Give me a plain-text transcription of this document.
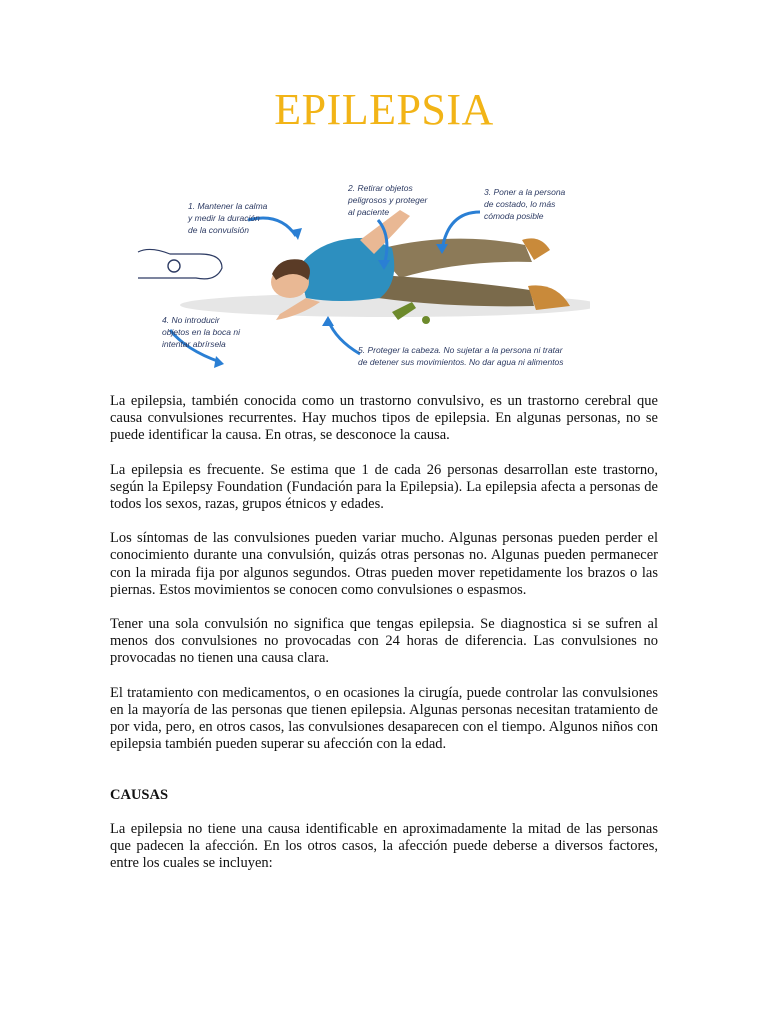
EPILEPSIA
1. Mantener la calma
y medir la duración
de la convulsión
2. Retirar objetos
peligrosos y proteger
al paciente
3. Poner a la persona
de costado, lo más
cómoda posible
4. No introducir
objetos en la boca ni
intentar abrírsela
5. Proteger la cabeza. No sujetar a la persona ni tratar
de detener sus movimientos. No dar agua ni alimentos

La epilepsia, también conocida como un trastorno convulsivo, es un trastorno cerebral que causa convulsiones recurrentes. Hay muchos tipos de epilepsia. En algunas personas, no se puede identificar la causa. En otras, se desconoce la causa.

La epilepsia es frecuente. Se estima que 1 de cada 26 personas desarrollan este trastorno, según la Epilepsy Foundation (Fundación para la Epilepsia). La epilepsia afecta a personas de todos los sexos, razas, grupos étnicos y edades.

Los síntomas de las convulsiones pueden variar mucho. Algunas personas pueden perder el conocimiento durante una convulsión, quizás otras personas no. Algunas pueden permanecer con la mirada fija por algunos segundos. Otras pueden mover repetidamente los brazos o las piernas. Estos movimientos se conocen como convulsiones o espasmos.

Tener una sola convulsión no significa que tengas epilepsia. Se diagnostica si se sufren al menos dos convulsiones no provocadas con 24 horas de diferencia. Las convulsiones no provocadas no tienen una causa clara.

El tratamiento con medicamentos, o en ocasiones la cirugía, puede controlar las convulsiones en la mayoría de las personas que tienen epilepsia. Algunas personas necesitan tratamiento de por vida, pero, en otros casos, las convulsiones desaparecen con el tiempo. Algunos niños con epilepsia también pueden superar su afección con la edad.

CAUSAS

La epilepsia no tiene una causa identificable en aproximadamente la mitad de las personas que padecen la afección. En los otros casos, la afección puede deberse a diversos factores, entre los cuales se incluyen:
